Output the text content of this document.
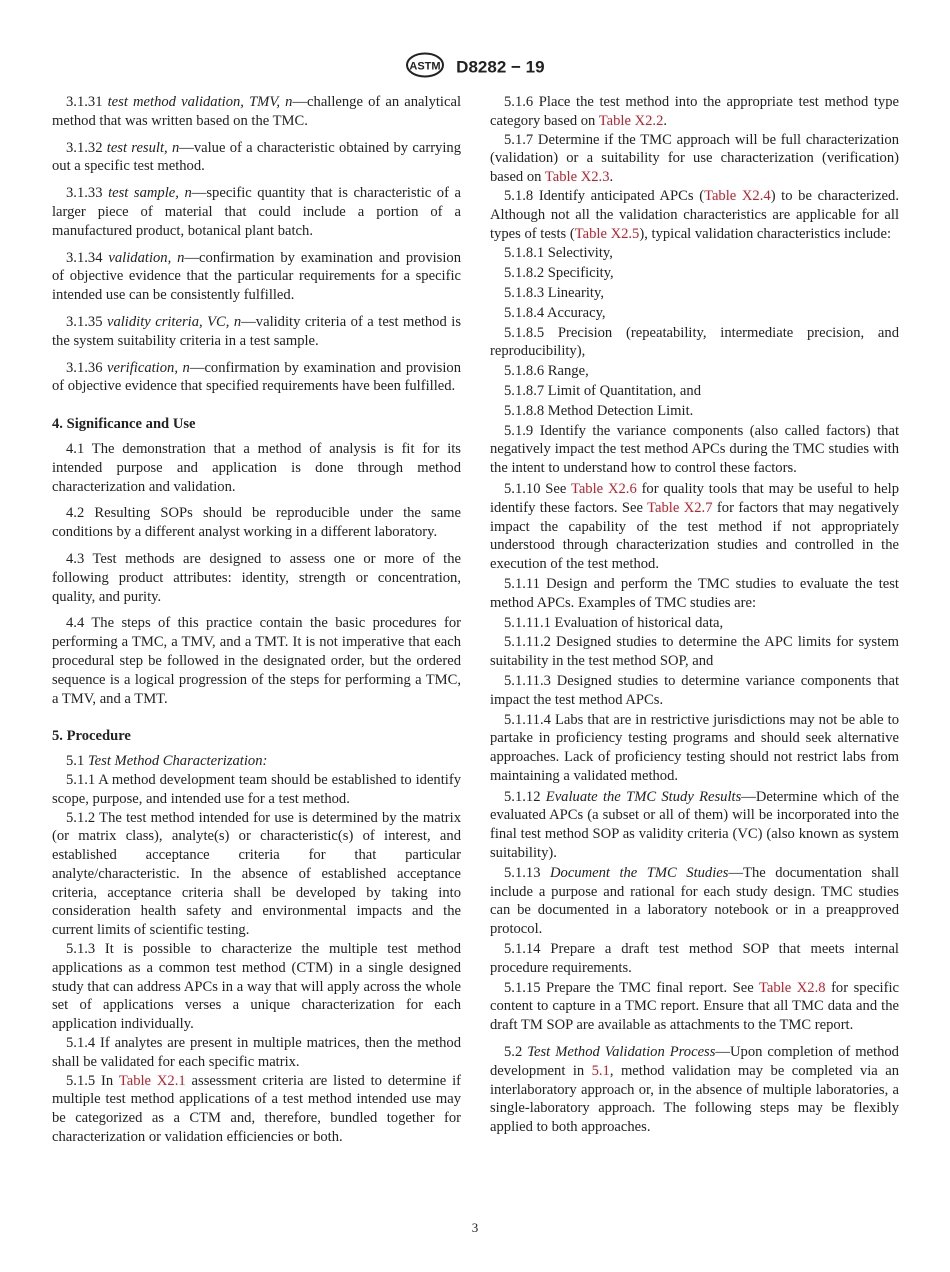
ASTM D8282 − 19

3.1.31 test method validation, TMV, n—challenge of an analytical method that was written based on the TMC.

3.1.32 test result, n—value of a characteristic obtained by carrying out a specific test method.

3.1.33 test sample, n—specific quantity that is characteristic of a larger piece of material that could include a portion of a manufactured product, botanical plant batch.

3.1.34 validation, n—confirmation by examination and provision of objective evidence that the particular requirements for a specific intended use can be consistently fulfilled.

3.1.35 validity criteria, VC, n—validity criteria of a test method is the system suitability criteria in a test sample.

3.1.36 verification, n—confirmation by examination and provision of objective evidence that specified requirements have been fulfilled.

4. Significance and Use

4.1 The demonstration that a method of analysis is fit for its intended purpose and application is done through method characterization and validation.

4.2 Resulting SOPs should be reproducible under the same conditions by a different analyst working in a different laboratory.

4.3 Test methods are designed to assess one or more of the following product attributes: identity, strength or concentration, quality, and purity.

4.4 The steps of this practice contain the basic procedures for performing a TMC, a TMV, and a TMT. It is not imperative that each procedural step be followed in the designated order, but the ordered sequence is a logical progression of the steps for performing a TMC, a TMV, and a TMT.

5. Procedure

5.1 Test Method Characterization:

5.1.1 A method development team should be established to identify scope, purpose, and intended use for a test method.

5.1.2 The test method intended for use is determined by the matrix (or matrix class), analyte(s) or characteristic(s) of interest, and established acceptance criteria for that particular analyte/characteristic. In the absence of established acceptance criteria, acceptance criteria shall be developed by taking into consideration health safety and environmental impacts and the current limits of scientific testing.

5.1.3 It is possible to characterize the multiple test method applications as a common test method (CTM) in a single designed study that can address APCs in a way that will apply across the whole set of applications verses a unique characterization for each application individually.

5.1.4 If analytes are present in multiple matrices, then the method shall be validated for each specific matrix.

5.1.5 In Table X2.1 assessment criteria are listed to determine if multiple test method applications of a test method intended use may be categorized as a CTM and, therefore, bundled together for characterization or validation efficiencies or both.

5.1.6 Place the test method into the appropriate test method type category based on Table X2.2.

5.1.7 Determine if the TMC approach will be full characterization (validation) or a suitability for use characterization (verification) based on Table X2.3.

5.1.8 Identify anticipated APCs (Table X2.4) to be characterized. Although not all the validation characteristics are applicable for all types of tests (Table X2.5), typical validation characteristics include:

5.1.8.1 Selectivity,

5.1.8.2 Specificity,

5.1.8.3 Linearity,

5.1.8.4 Accuracy,

5.1.8.5 Precision (repeatability, intermediate precision, and reproducibility),

5.1.8.6 Range,

5.1.8.7 Limit of Quantitation, and

5.1.8.8 Method Detection Limit.

5.1.9 Identify the variance components (also called factors) that negatively impact the test method APCs during the TMC studies with the intent to understand how to control these factors.

5.1.10 See Table X2.6 for quality tools that may be useful to help identify these factors. See Table X2.7 for factors that may negatively impact the capability of the test method if not appropriately understood through characterization studies and controlled in the execution of the test method.

5.1.11 Design and perform the TMC studies to evaluate the test method APCs. Examples of TMC studies are:

5.1.11.1 Evaluation of historical data,

5.1.11.2 Designed studies to determine the APC limits for system suitability in the test method SOP, and

5.1.11.3 Designed studies to determine variance components that impact the test method APCs.

5.1.11.4 Labs that are in restrictive jurisdictions may not be able to partake in proficiency testing programs and should seek alternative approaches. Lack of proficiency testing should not restrict labs from maintaining a validated method.

5.1.12 Evaluate the TMC Study Results—Determine which of the evaluated APCs (a subset or all of them) will be incorporated into the final test method SOP as validity criteria (VC) (also known as system suitability).

5.1.13 Document the TMC Studies—The documentation shall include a purpose and rational for each study design. TMC studies can be documented in a laboratory notebook or in a preapproved protocol.

5.1.14 Prepare a draft test method SOP that meets internal procedure requirements.

5.1.15 Prepare the TMC final report. See Table X2.8 for specific content to capture in a TMC report. Ensure that all TMC data and the draft TM SOP are available as attachments to the TMC report.

5.2 Test Method Validation Process—Upon completion of method development in 5.1, method validation may be completed via an interlaboratory approach or, in the absence of multiple laboratories, a single-laboratory approach. The following steps may be flexibly applied to both approaches.

3
